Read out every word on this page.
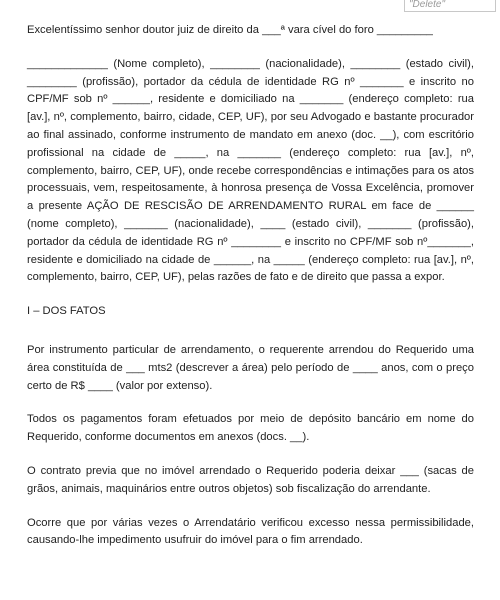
"Delete"

Excelentíssimo senhor doutor juiz de direito da ___ª vara cível do foro _________

_____________ (Nome completo), ________ (nacionalidade), ________ (estado civil), ________ (profissão), portador da cédula de identidade RG nº _______ e inscrito no CPF/MF sob nº ______, residente e domiciliado na _______ (endereço completo: rua [av.], nº, complemento, bairro, cidade, CEP, UF), por seu Advogado e bastante procurador ao final assinado, conforme instrumento de mandato em anexo (doc. __), com escritório profissional na cidade de _____, na _______ (endereço completo: rua [av.], nº, complemento, bairro, CEP, UF), onde recebe correspondências e intimações para os atos processuais, vem, respeitosamente, à honrosa presença de Vossa Excelência, promover a presente AÇÃO DE RESCISÃO DE ARRENDAMENTO RURAL em face de ______ (nome completo), _______ (nacionalidade), ____ (estado civil), _______ (profissão), portador da cédula de identidade RG nº ________ e inscrito no CPF/MF sob nº_______, residente e domiciliado na cidade de ______, na _____ (endereço completo: rua [av.], nº, complemento, bairro, CEP, UF), pelas razões de fato e de direito que passa a expor.

I – DOS FATOS

Por instrumento particular de arrendamento, o requerente arrendou do Requerido uma área constituída de ___ mts2 (descrever a área) pelo período de ____ anos, com o preço certo de R$ ____ (valor por extenso).

Todos os pagamentos foram efetuados por meio de depósito bancário em nome do Requerido, conforme documentos em anexos (docs. __).

O contrato previa que no imóvel arrendado o Requerido poderia deixar ___ (sacas de grãos, animais, maquinários entre outros objetos) sob fiscalização do arrendante.

Ocorre que por várias vezes o Arrendatário verificou excesso nessa permissibilidade, causando-lhe impedimento usufruir do imóvel para o fim arrendado.
